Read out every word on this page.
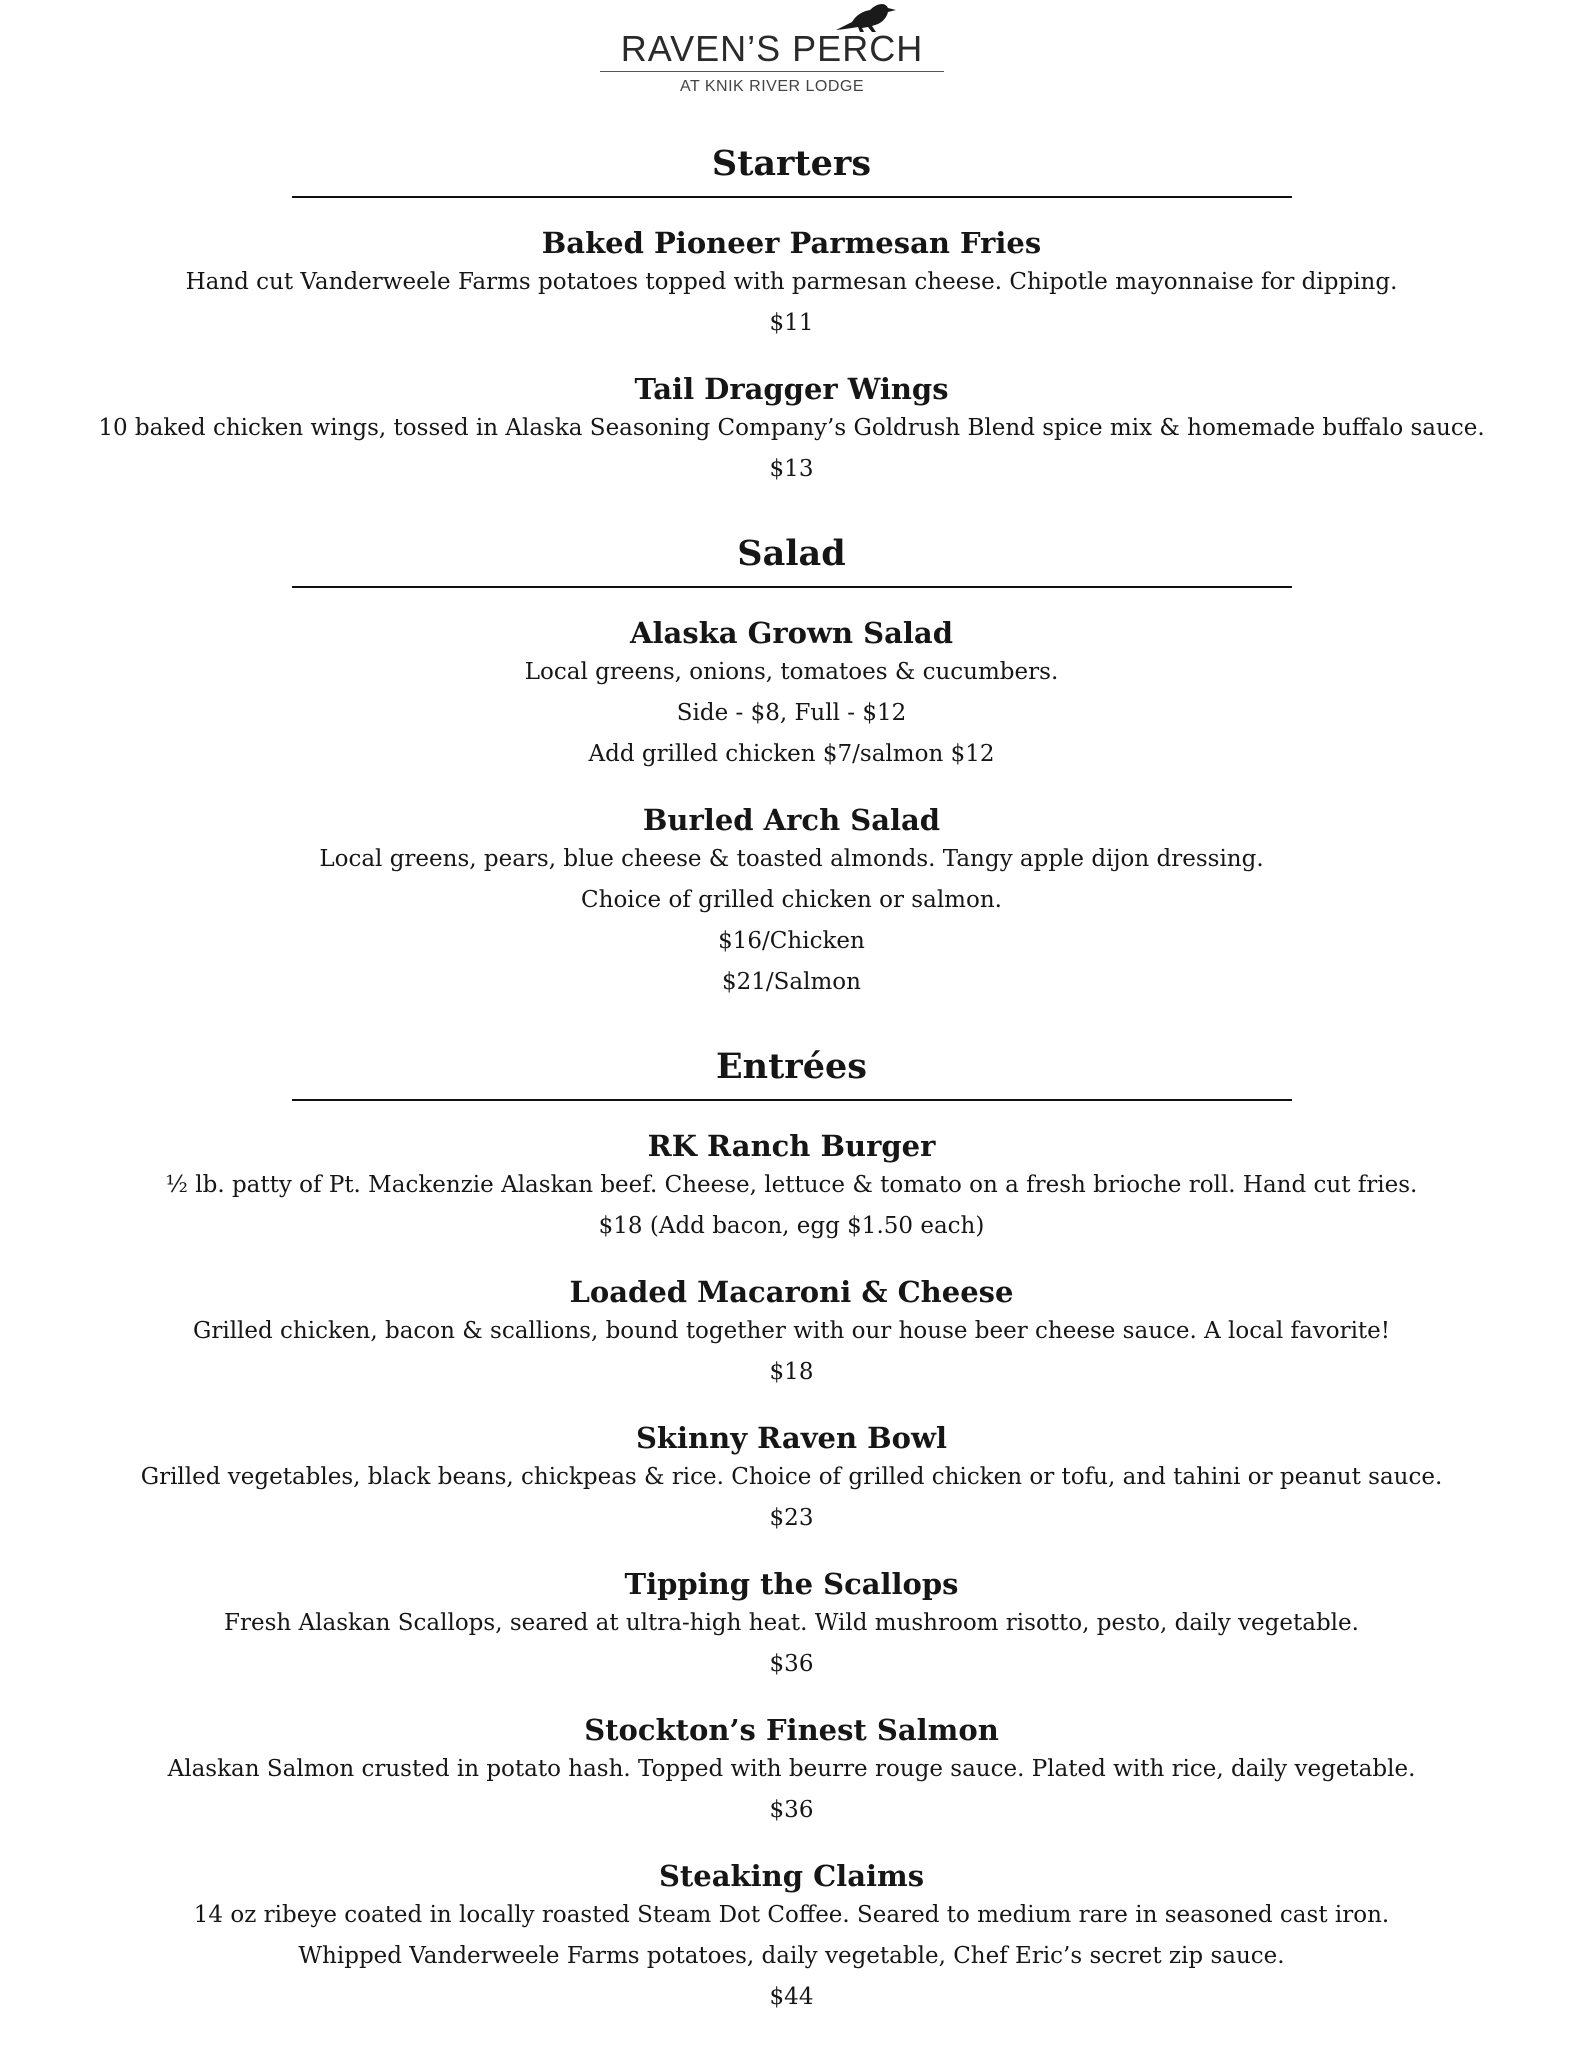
RAVEN’S PERCH
AT KNIK RIVER LODGE
Starters
Baked Pioneer Parmesan Fries
Hand cut Vanderweele Farms potatoes topped with parmesan cheese. Chipotle mayonnaise for dipping.
$11
Tail Dragger Wings
10 baked chicken wings, tossed in Alaska Seasoning Company’s Goldrush Blend spice mix & homemade buffalo sauce.
$13
Salad
Alaska Grown Salad
Local greens, onions, tomatoes & cucumbers.
Side - $8, Full - $12
Add grilled chicken $7/salmon $12
Burled Arch Salad
Local greens, pears, blue cheese & toasted almonds. Tangy apple dijon dressing.
Choice of grilled chicken or salmon.
$16/Chicken
$21/Salmon
Entrées
RK Ranch Burger
½ lb. patty of Pt. Mackenzie Alaskan beef. Cheese, lettuce & tomato on a fresh brioche roll. Hand cut fries.
$18 (Add bacon, egg $1.50 each)
Loaded Macaroni & Cheese
Grilled chicken, bacon & scallions, bound together with our house beer cheese sauce. A local favorite!
$18
Skinny Raven Bowl
Grilled vegetables, black beans, chickpeas & rice. Choice of grilled chicken or tofu, and tahini or peanut sauce.
$23
Tipping the Scallops
Fresh Alaskan Scallops, seared at ultra-high heat. Wild mushroom risotto, pesto, daily vegetable.
$36
Stockton’s Finest Salmon
Alaskan Salmon crusted in potato hash. Topped with beurre rouge sauce. Plated with rice, daily vegetable.
$36
Steaking Claims
14 oz ribeye coated in locally roasted Steam Dot Coffee. Seared to medium rare in seasoned cast iron.
Whipped Vanderweele Farms potatoes, daily vegetable, Chef Eric’s secret zip sauce.
$44
